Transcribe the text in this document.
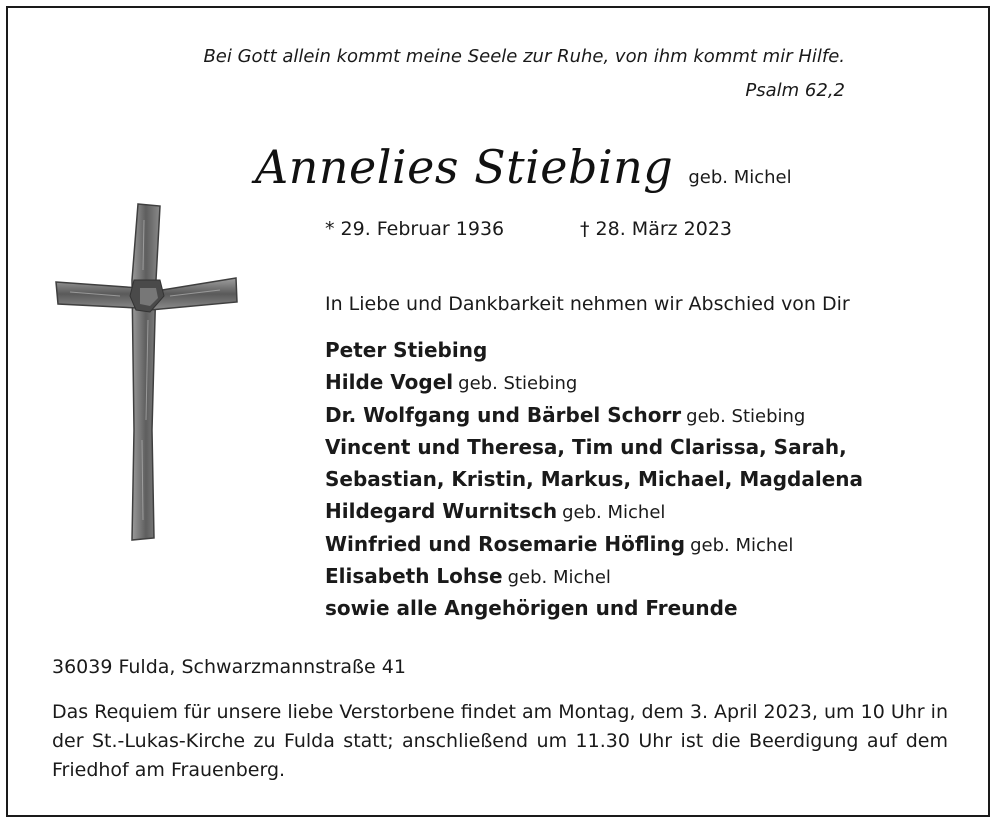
Bei Gott allein kommt meine Seele zur Ruhe, von ihm kommt mir Hilfe.
Psalm 62,2
Annelies Stiebing geb. Michel
* 29. Februar 1936	† 28. März 2023
In Liebe und Dankbarkeit nehmen wir Abschied von Dir
Peter Stiebing
Hilde Vogel geb. Stiebing
Dr. Wolfgang und Bärbel Schorr geb. Stiebing
Vincent und Theresa, Tim und Clarissa, Sarah,
Sebastian, Kristin, Markus, Michael, Magdalena
Hildegard Wurnitsch geb. Michel
Winfried und Rosemarie Höfling geb. Michel
Elisabeth Lohse geb. Michel
sowie alle Angehörigen und Freunde
36039 Fulda, Schwarzmannstraße 41

Das Requiem für unsere liebe Verstorbene findet am Montag, dem 3. April 2023, um 10 Uhr in der St.-Lukas-Kirche zu Fulda statt; anschließend um 11.30 Uhr ist die Beerdigung auf dem Friedhof am Frauenberg.
